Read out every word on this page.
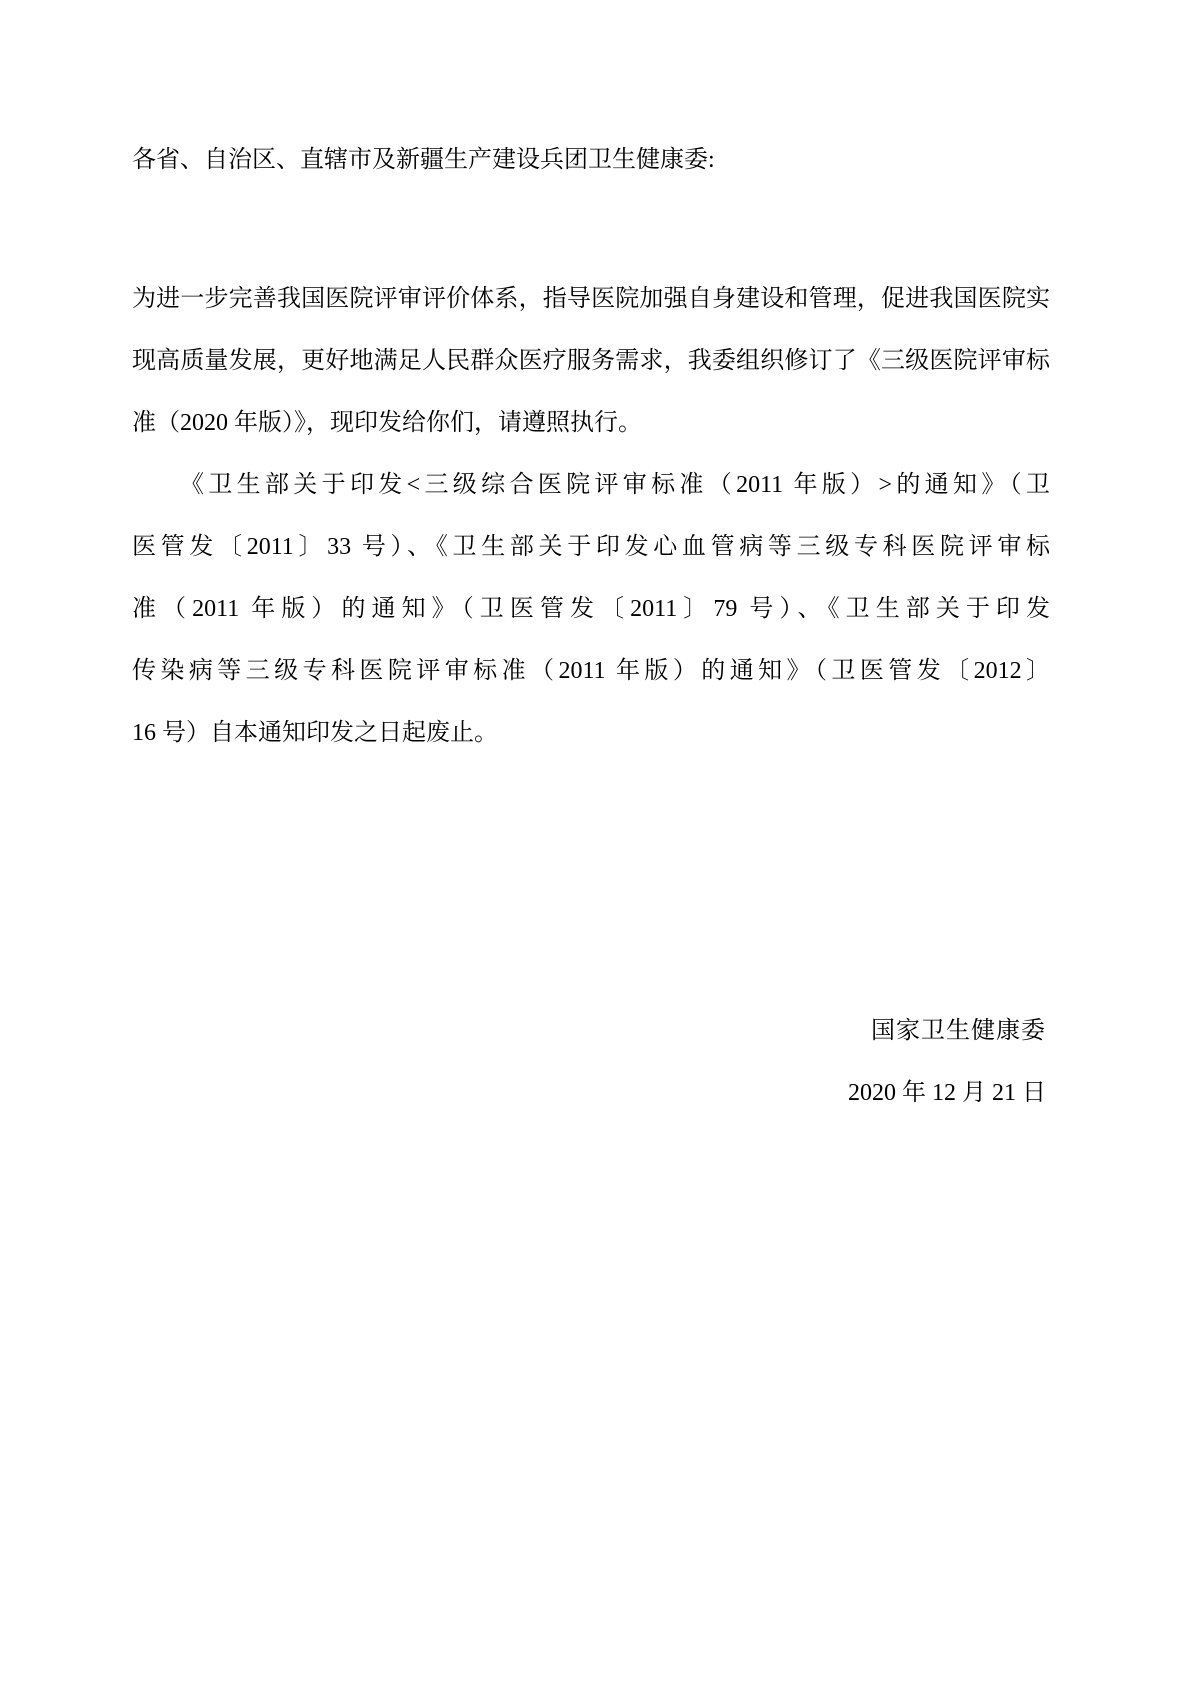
各省、自治区、直辖市及新疆生产建设兵团卫生健康委:
为进一步完善我国医院评审评价体系，指导医院加强自身建设和管理，促进我国医院实
现高质量发展，更好地满足人民群众医疗服务需求，我委组织修订了《三级医院评审标
准（2020 年版）》，现印发给你们，请遵照执行。
《卫生部关于印发<三级综合医院评审标准（2011 年版）>的通知》（卫
医管发〔2011〕33 号）、《卫生部关于印发心血管病等三级专科医院评审标
准（2011 年版）的通知》（卫医管发〔2011〕79 号）、《卫生部关于印发
传染病等三级专科医院评审标准（2011 年版）的通知》（卫医管发〔2012〕
16 号）自本通知印发之日起废止。
国家卫生健康委
2020 年 12 月 21 日
